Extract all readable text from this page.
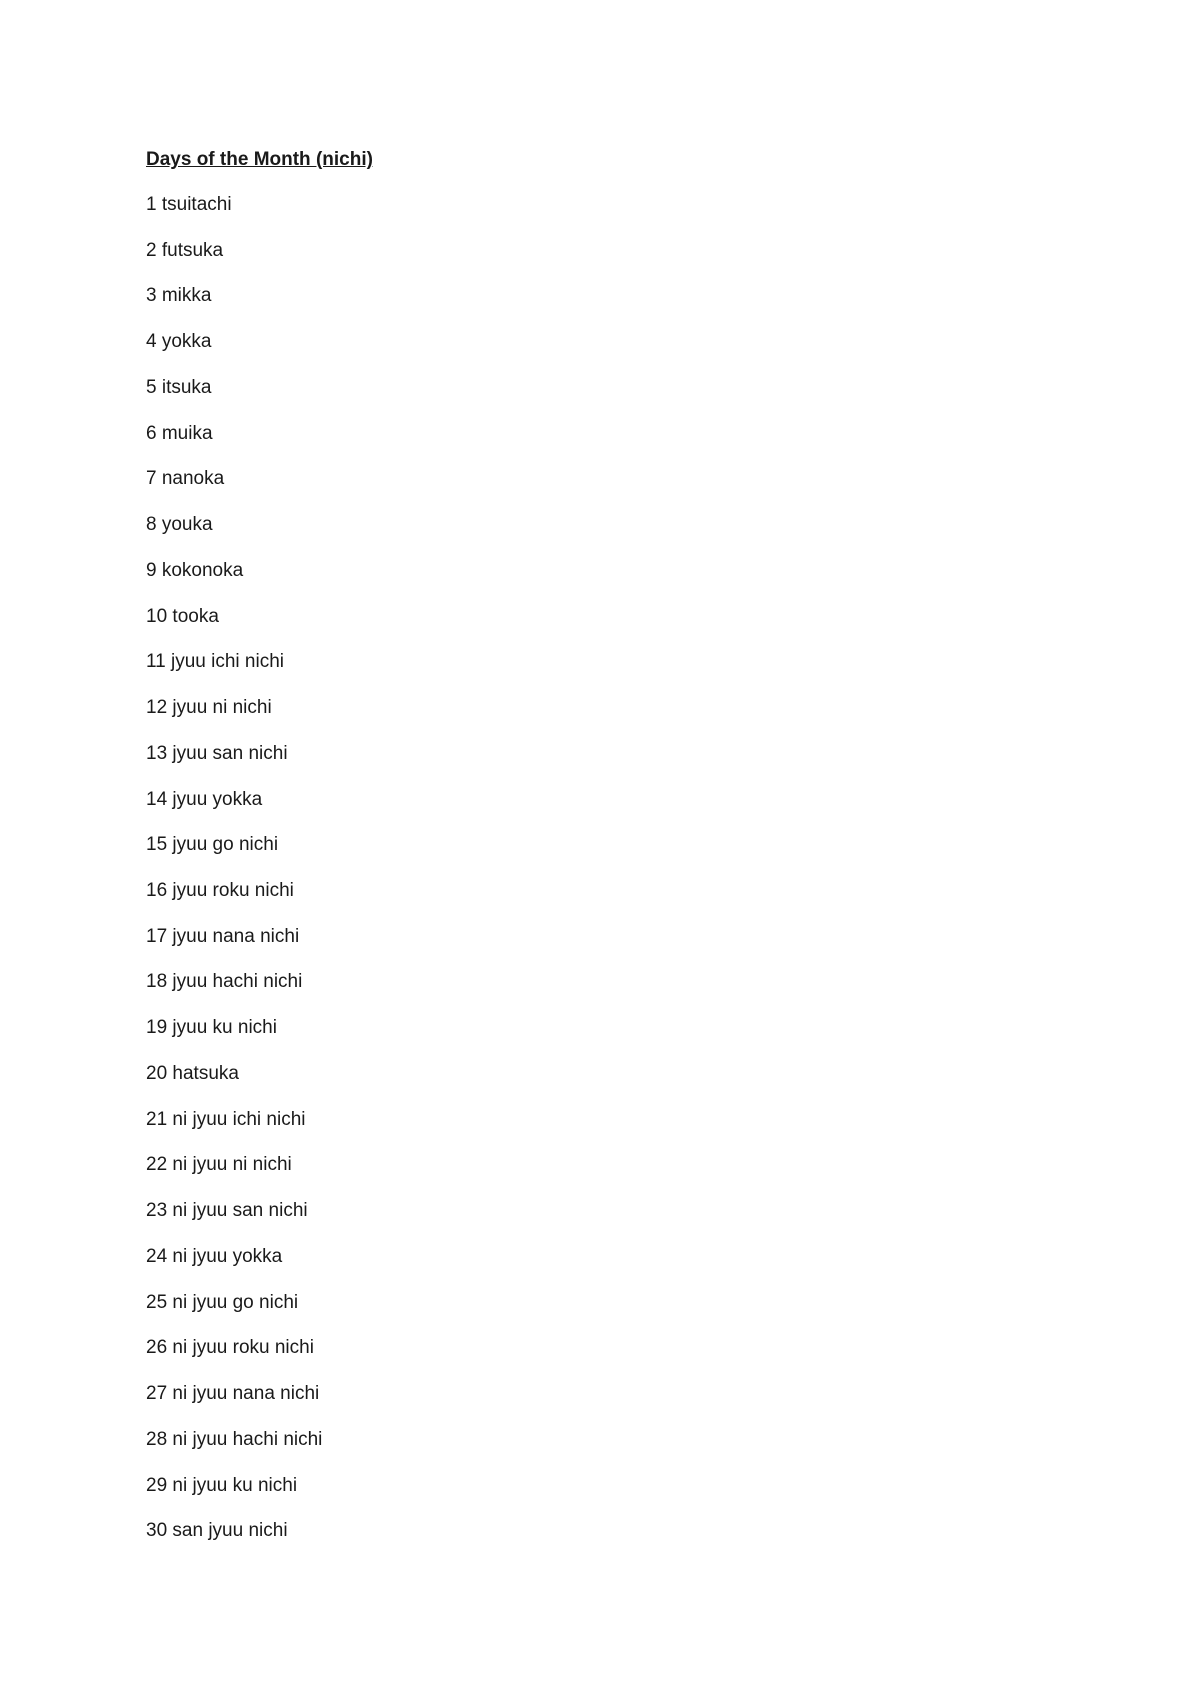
Days of the Month (nichi)
1 tsuitachi
2 futsuka
3 mikka
4 yokka
5 itsuka
6 muika
7 nanoka
8 youka
9 kokonoka
10 tooka
11 jyuu ichi nichi
12 jyuu ni nichi
13 jyuu san nichi
14 jyuu yokka
15 jyuu go nichi
16 jyuu roku nichi
17 jyuu nana nichi
18 jyuu hachi nichi
19 jyuu ku nichi
20 hatsuka
21 ni jyuu ichi nichi
22 ni jyuu ni nichi
23 ni jyuu san nichi
24 ni jyuu yokka
25 ni jyuu go nichi
26 ni jyuu roku nichi
27 ni jyuu nana nichi
28 ni jyuu hachi nichi
29 ni jyuu ku nichi
30 san jyuu nichi
